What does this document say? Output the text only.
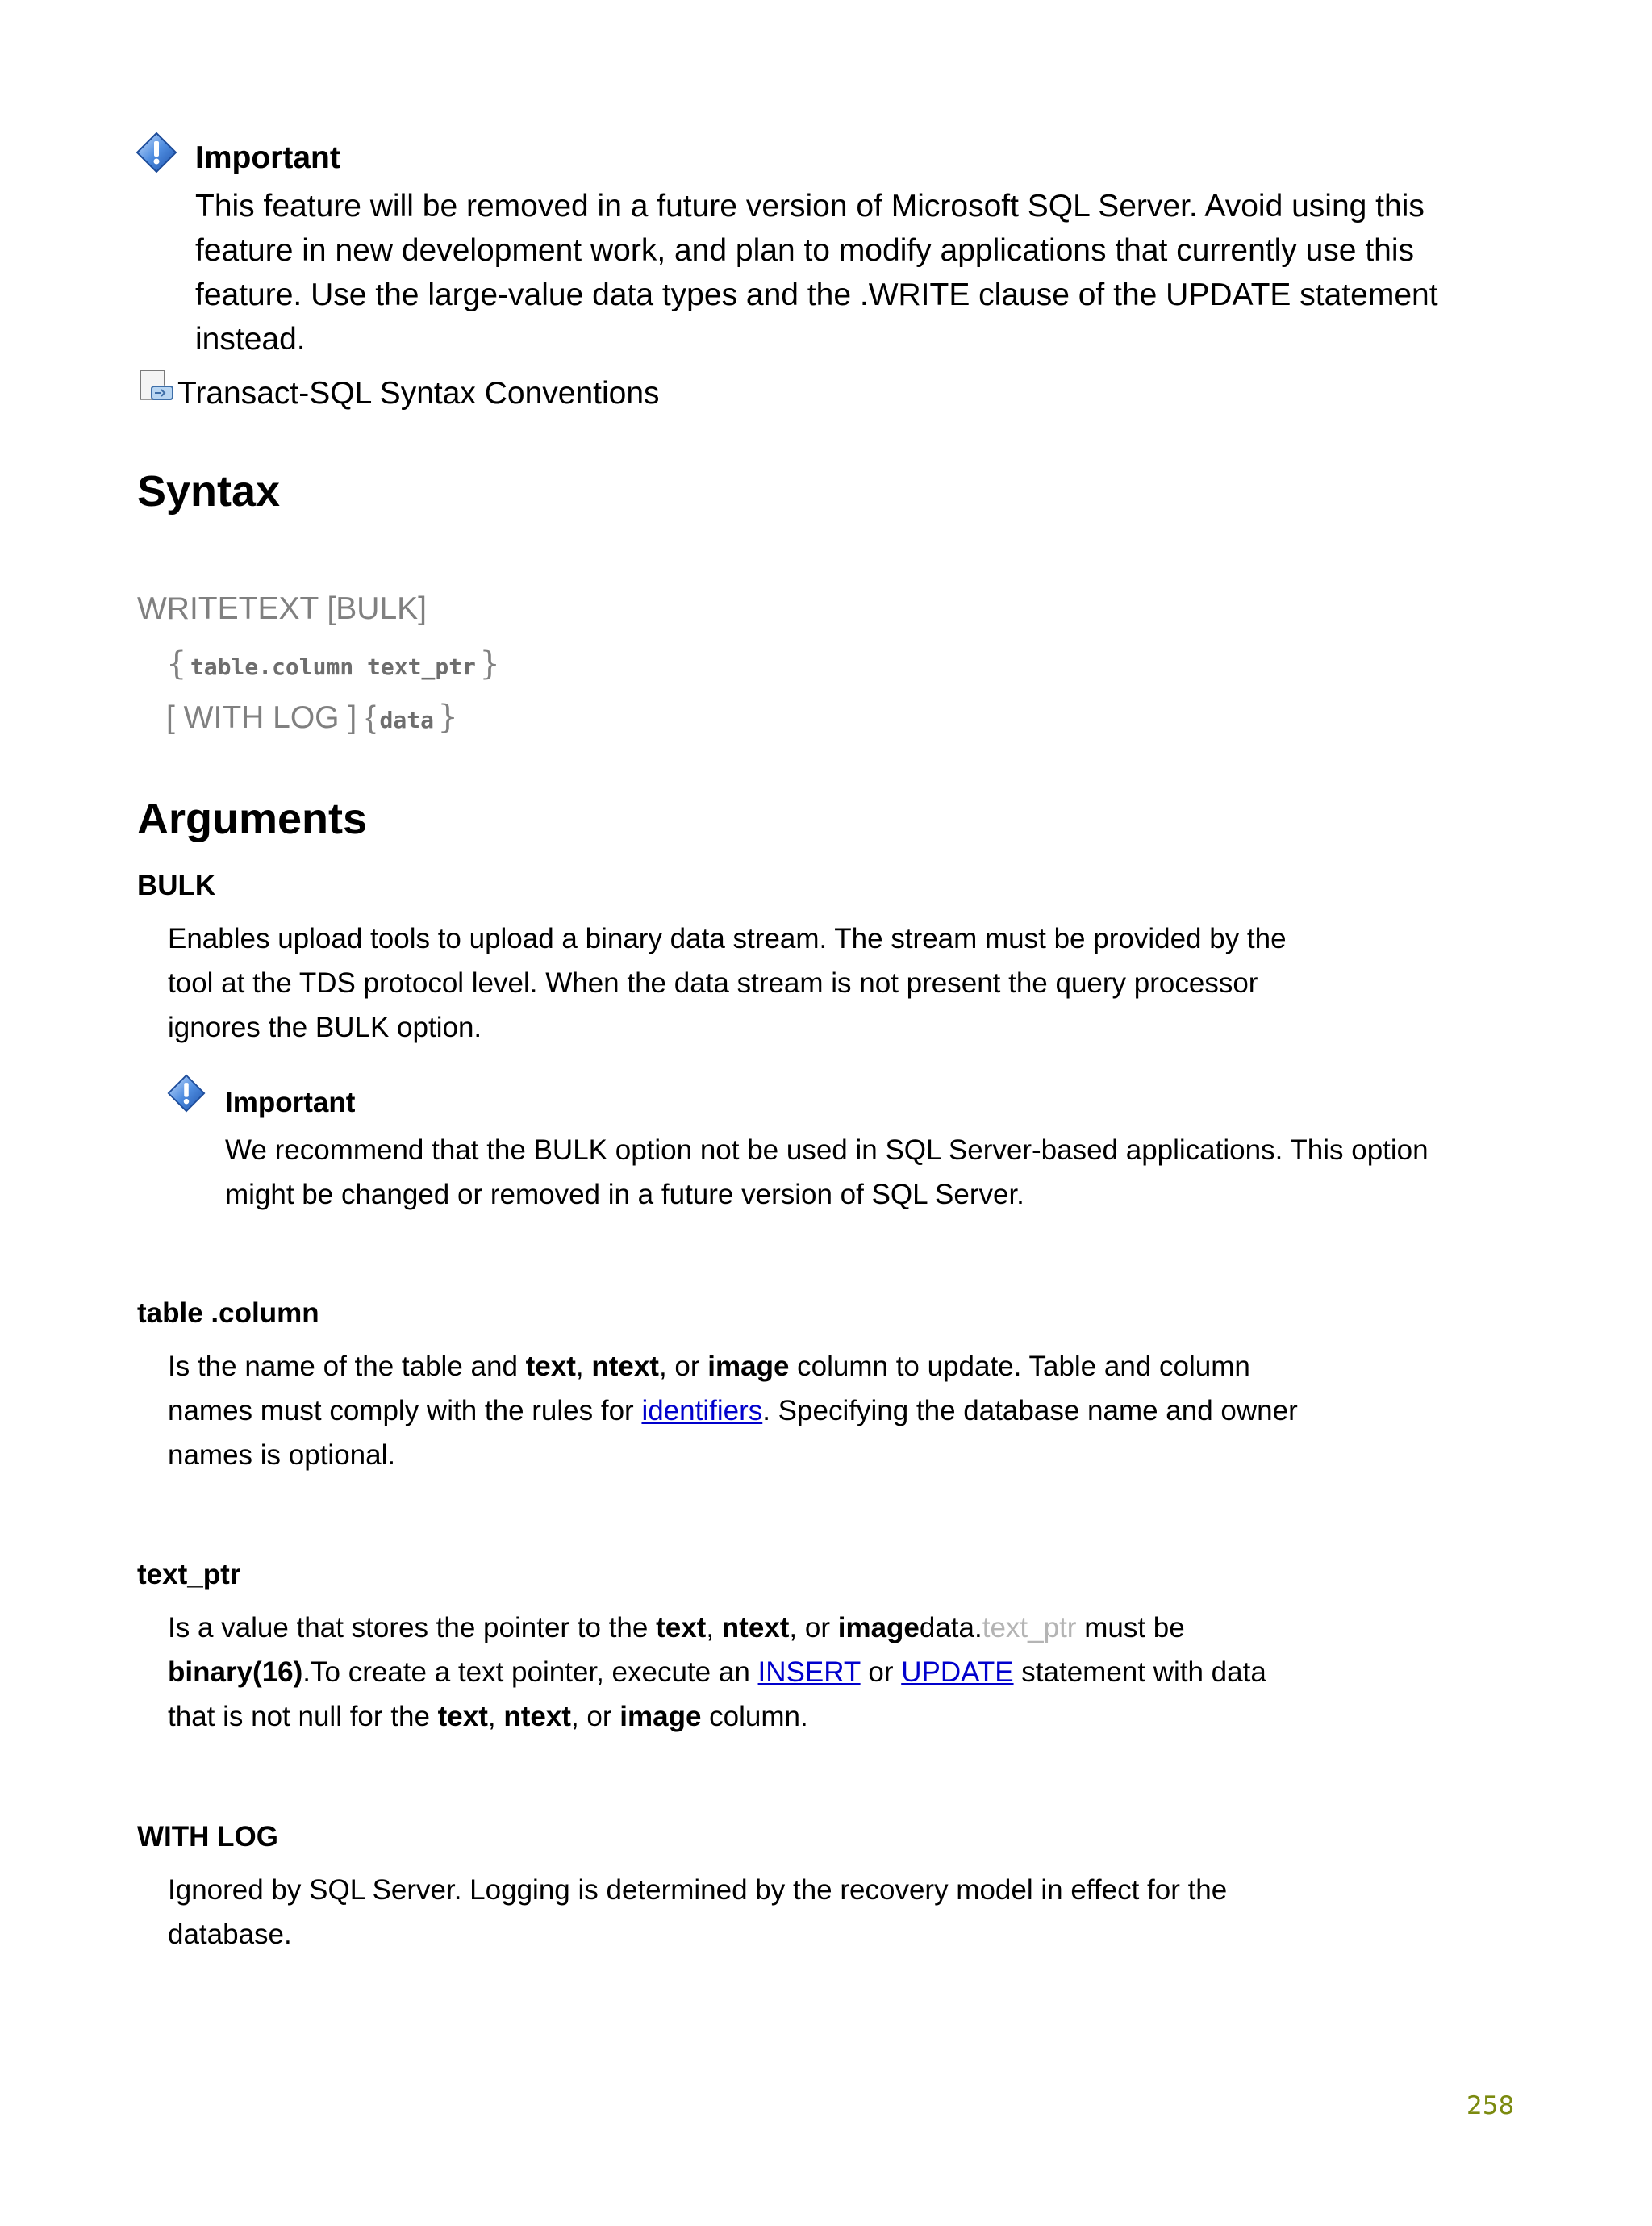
Important
This feature will be removed in a future version of Microsoft SQL Server. Avoid using this feature in new development work, and plan to modify applications that currently use this feature. Use the large-value data types and the .WRITE clause of the UPDATE statement instead.
Transact-SQL Syntax Conventions
Syntax
WRITETEXT [BULK]
{ table.column text_ptr }
[ WITH LOG ] { data }
Arguments
BULK
Enables upload tools to upload a binary data stream. The stream must be provided by the tool at the TDS protocol level. When the data stream is not present the query processor ignores the BULK option.
Important
We recommend that the BULK option not be used in SQL Server-based applications. This option might be changed or removed in a future version of SQL Server.
table .column
Is the name of the table and text, ntext, or image column to update. Table and column names must comply with the rules for identifiers. Specifying the database name and owner names is optional.
text_ptr
Is a value that stores the pointer to the text, ntext, or imagedata.text_ptr must be binary(16).To create a text pointer, execute an INSERT or UPDATE statement with data that is not null for the text, ntext, or image column.
WITH LOG
Ignored by SQL Server. Logging is determined by the recovery model in effect for the database.
258
